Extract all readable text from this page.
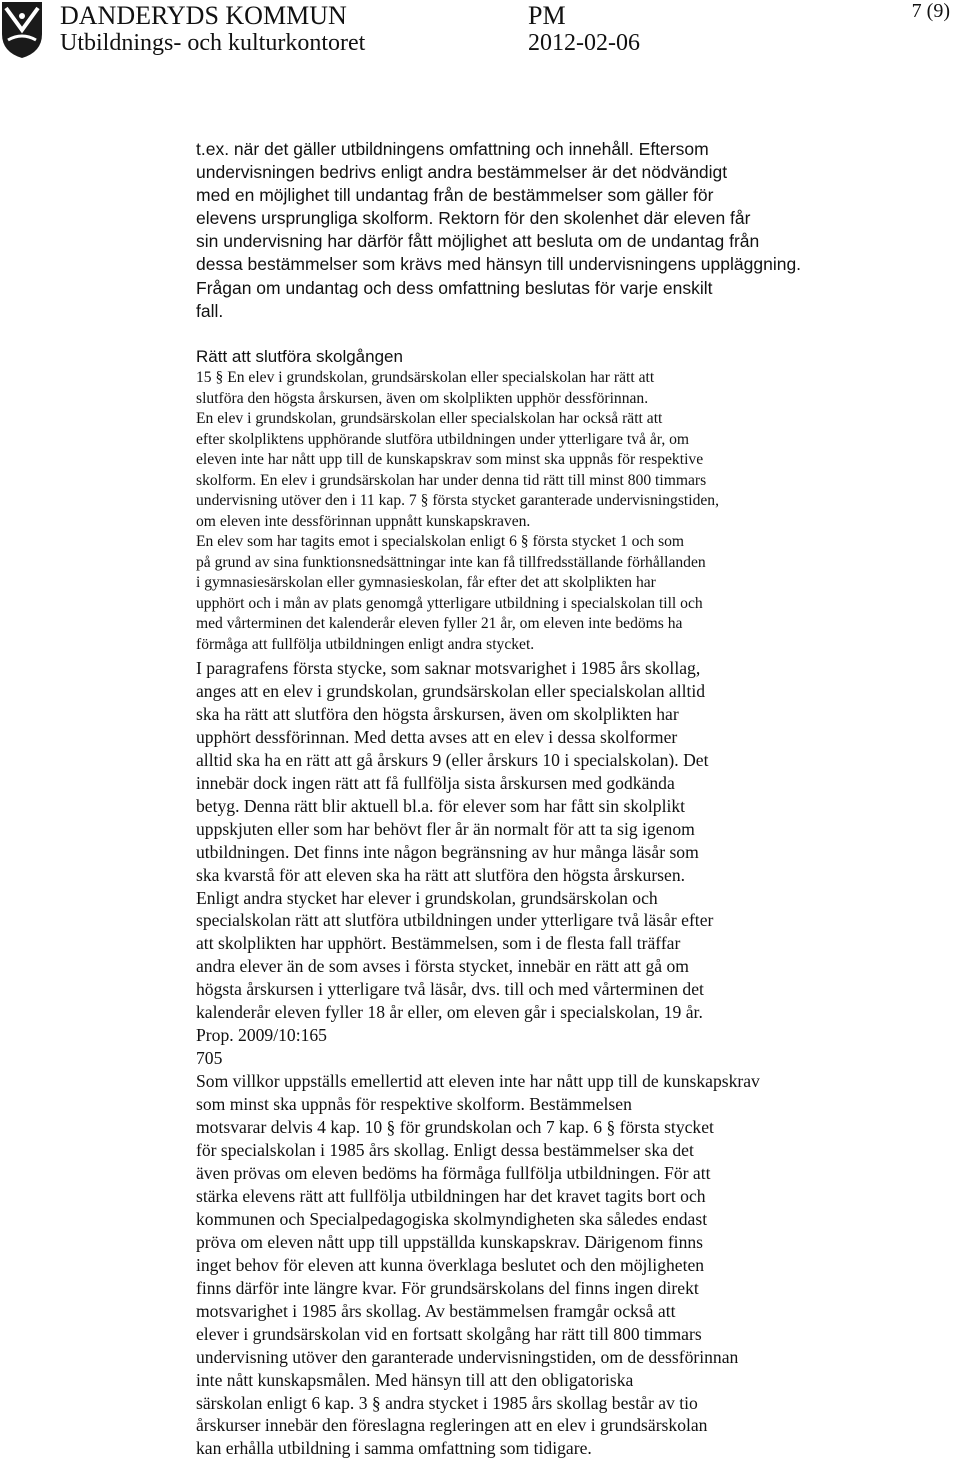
DANDERYDS KOMMUN
Utbildnings- och kulturkontoret
PM
2012-02-06
7 (9)
t.ex. när det gäller utbildningens omfattning och innehåll. Eftersom
undervisningen bedrivs enligt andra bestämmelser är det nödvändigt
med en möjlighet till undantag från de bestämmelser som gäller för
elevens ursprungliga skolform. Rektorn för den skolenhet där eleven får
sin undervisning har därför fått möjlighet att besluta om de undantag från
dessa bestämmelser som krävs med hänsyn till undervisningens uppläggning.
Frågan om undantag och dess omfattning beslutas för varje enskilt
fall.
Rätt att slutföra skolgången
15 § En elev i grundskolan, grundsärskolan eller specialskolan har rätt att
slutföra den högsta årskursen, även om skolplikten upphör dessförinnan.
En elev i grundskolan, grundsärskolan eller specialskolan har också rätt att
efter skolpliktens upphörande slutföra utbildningen under ytterligare två år, om
eleven inte har nått upp till de kunskapskrav som minst ska uppnås för respektive
skolform. En elev i grundsärskolan har under denna tid rätt till minst 800 timmars
undervisning utöver den i 11 kap. 7 § första stycket garanterade undervisningstiden,
om eleven inte dessförinnan uppnått kunskapskraven.
En elev som har tagits emot i specialskolan enligt 6 § första stycket 1 och som
på grund av sina funktionsnedsättningar inte kan få tillfredsställande förhållanden
i gymnasiesärskolan eller gymnasieskolan, får efter det att skolplikten har
upphört och i mån av plats genomgå ytterligare utbildning i specialskolan till och
med vårterminen det kalenderår eleven fyller 21 år, om eleven inte bedöms ha
förmåga att fullfölja utbildningen enligt andra stycket.
I paragrafens första stycke, som saknar motsvarighet i 1985 års skollag,
anges att en elev i grundskolan, grundsärskolan eller specialskolan alltid
ska ha rätt att slutföra den högsta årskursen, även om skolplikten har
upphört dessförinnan. Med detta avses att en elev i dessa skolformer
alltid ska ha en rätt att gå årskurs 9 (eller årskurs 10 i specialskolan). Det
innebär dock ingen rätt att få fullfölja sista årskursen med godkända
betyg. Denna rätt blir aktuell bl.a. för elever som har fått sin skolplikt
uppskjuten eller som har behövt fler år än normalt för att ta sig igenom
utbildningen. Det finns inte någon begränsning av hur många läsår som
ska kvarstå för att eleven ska ha rätt att slutföra den högsta årskursen.
Enligt andra stycket har elever i grundskolan, grundsärskolan och
specialskolan rätt att slutföra utbildningen under ytterligare två läsår efter
att skolplikten har upphört. Bestämmelsen, som i de flesta fall träffar
andra elever än de som avses i första stycket, innebär en rätt att gå om
högsta årskursen i ytterligare två läsår, dvs. till och med vårterminen det
kalenderår eleven fyller 18 år eller, om eleven går i specialskolan, 19 år.
Prop. 2009/10:165
705
Som villkor uppställs emellertid att eleven inte har nått upp till de kunskapskrav
som minst ska uppnås för respektive skolform. Bestämmelsen
motsvarar delvis 4 kap. 10 § för grundskolan och 7 kap. 6 § första stycket
för specialskolan i 1985 års skollag. Enligt dessa bestämmelser ska det
även prövas om eleven bedöms ha förmåga fullfölja utbildningen. För att
stärka elevens rätt att fullfölja utbildningen har det kravet tagits bort och
kommunen och Specialpedagogiska skolmyndigheten ska således endast
pröva om eleven nått upp till uppställda kunskapskrav. Därigenom finns
inget behov för eleven att kunna överklaga beslutet och den möjligheten
finns därför inte längre kvar. För grundsärskolans del finns ingen direkt
motsvarighet i 1985 års skollag. Av bestämmelsen framgår också att
elever i grundsärskolan vid en fortsatt skolgång har rätt till 800 timmars
undervisning utöver den garanterade undervisningstiden, om de dessförinnan
inte nått kunskapsmålen. Med hänsyn till att den obligatoriska
särskolan enligt 6 kap. 3 § andra stycket i 1985 års skollag består av tio
årskurser innebär den föreslagna regleringen att en elev i grundsärskolan
kan erhålla utbildning i samma omfattning som tidigare.
